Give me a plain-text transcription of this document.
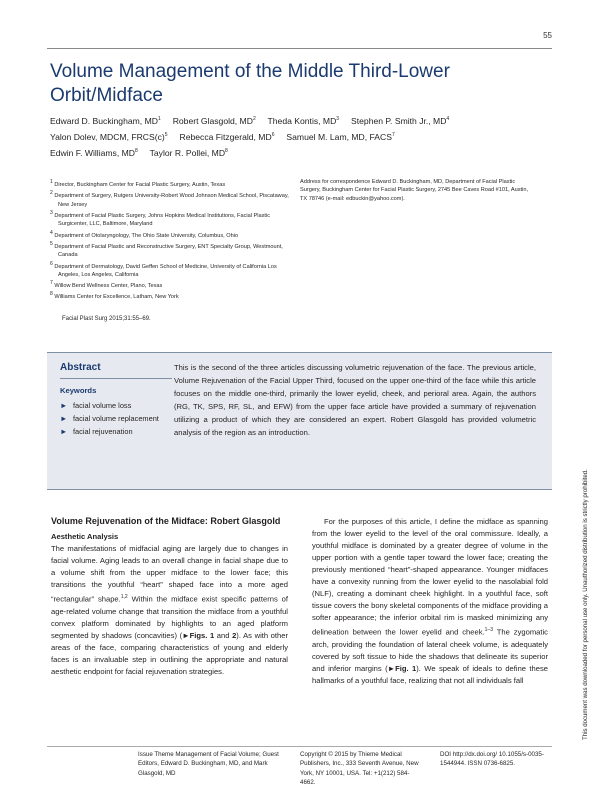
55
Volume Management of the Middle Third-Lower Orbit/Midface
Edward D. Buckingham, $MD^1$ Robert Glasgold, $MD^2$ Theda Kontis, $MD^3$ Stephen P. Smith Jr., $MD^4$
Yalon Dolev, MDCM, $FRCS(c)^5$ Rebecca Fitzgerald, $MD^6$ Samuel M. Lam, MD, FACS$^7$
Edwin F. Williams, $MD^8$ Taylor R. Pollei, $MD^8$
$^1$ Director, Buckingham Center for Facial Plastic Surgery, Austin, Texas
$^2$ Department of Surgery, Rutgers University-Robert Wood Johnson Medical School, Piscataway, New Jersey
$^3$ Department of Facial Plastic Surgery, Johns Hopkins Medical Institutions, Facial Plastic Surgicenter, LLC, Baltimore, Maryland
$^4$ Department of Otolaryngology, The Ohio State University, Columbus, Ohio
$^5$ Department of Facial Plastic and Reconstructive Surgery, ENT Specialty Group, Westmount, Canada
$^6$ Department of Dermatology, David Geffen School of Medicine, University of California Los Angeles, Los Angeles, California
$^7$ Willow Bend Wellness Center, Plano, Texas
$^8$ Williams Center for Excellence, Latham, New York
Address for correspondence Edward D. Buckingham, MD, Department of Facial Plastic Surgery, Buckingham Center for Facial Plastic Surgery, 2745 Bee Caves Road #101, Austin, TX 78746 (e-mail: edbuckin@yahoo.com).
Facial Plast Surg 2015;31:55–69.
Abstract
Keywords
► facial volume loss
► facial volume replacement
► facial rejuvenation
This is the second of the three articles discussing volumetric rejuvenation of the face. The previous article, Volume Rejuvenation of the Facial Upper Third, focused on the upper one-third of the face while this article focuses on the middle one-third, primarily the lower eyelid, cheek, and perioral area. Again, the authors (RG, TK, SPS, RF, SL, and EFW) from the upper face article have provided a summary of rejuvenation utilizing a product of which they are considered an expert. Robert Glasgold has provided volumetric analysis of the region as an introduction.
Volume Rejuvenation of the Midface: Robert Glasgold
Aesthetic Analysis
The manifestations of midfacial aging are largely due to changes in facial volume. Aging leads to an overall change in facial shape due to a volume shift from the upper midface to the lower face; this transitions the youthful “heart” shaped face into a more aged “rectangular” shape.$^{1,2}$ Within the midface exist specific patterns of age-related volume change that transition the midface from a youthful convex platform dominated by highlights to an aged platform segmented by shadows (concavities) (►Figs. 1 and 2). As with other areas of the face, comparing characteristics of young and elderly faces is an invaluable step in outlining the appropriate and natural aesthetic endpoint for facial rejuvenation strategies.
For the purposes of this article, I define the midface as spanning from the lower eyelid to the level of the oral commissure. Ideally, a youthful midface is dominated by a greater degree of volume in the upper portion with a gentle taper toward the lower face; creating the previously mentioned “heart”-shaped appearance. Younger midfaces have a convexity running from the lower eyelid to the nasolabial fold (NLF), creating a dominant cheek highlight. In a youthful face, soft tissue covers the bony skeletal components of the midface providing a softer appearance; the inferior orbital rim is masked minimizing any delineation between the lower eyelid and cheek.$^{1-3}$ The zygomatic arch, providing the foundation of lateral cheek volume, is adequately covered by soft tissue to hide the shadows that delineate its superior and inferior margins (►Fig. 1). We speak of ideals to define these hallmarks of a youthful face, realizing that not all individuals fall
Issue Theme Management of Facial Volume; Guest Editors, Edward D. Buckingham, MD, and Mark Glasgold, MD
Copyright © 2015 by Thieme Medical Publishers, Inc., 333 Seventh Avenue, New York, NY 10001, USA. Tel: +1(212) 584-4662.
DOI http://dx.doi.org/ 10.1055/s-0035-1544944. ISSN 0736-6825.
This document was downloaded for personal use only. Unauthorized distribution is strictly prohibited.
